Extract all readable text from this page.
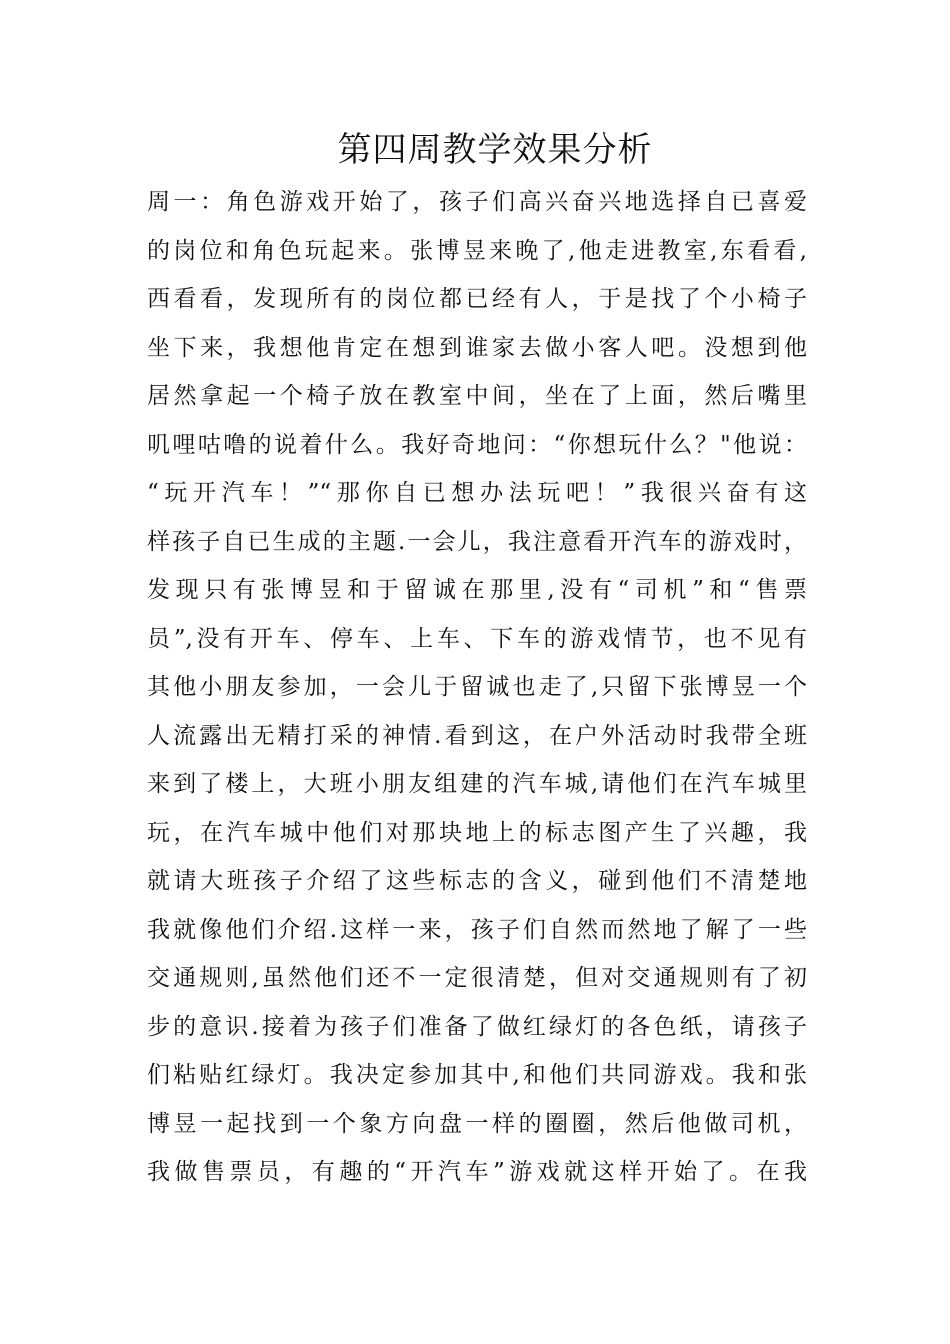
第四周教学效果分析
周一：角色游戏开始了，孩子们高兴奋兴地选择自已喜爱
的岗位和角色玩起来。张博昱来晚了,他走进教室,东看看,
西看看，发现所有的岗位都已经有人，于是找了个小椅子
坐下来，我想他肯定在想到谁家去做小客人吧。没想到他
居然拿起一个椅子放在教室中间，坐在了上面，然后嘴里
叽哩咕噜的说着什么。我好奇地问：“你想玩什么？"他说：
“玩开汽车！”“那你自已想办法玩吧！”我很兴奋有这
样孩子自已生成的主题.一会儿，我注意看开汽车的游戏时，
发现只有张博昱和于留诚在那里,没有“司机”和“售票
员”,没有开车、停车、上车、下车的游戏情节，也不见有
其他小朋友参加，一会儿于留诚也走了,只留下张博昱一个
人流露出无精打采的神情.看到这，在户外活动时我带全班
来到了楼上，大班小朋友组建的汽车城,请他们在汽车城里
玩，在汽车城中他们对那块地上的标志图产生了兴趣，我
就请大班孩子介绍了这些标志的含义，碰到他们不清楚地
我就像他们介绍.这样一来，孩子们自然而然地了解了一些
交通规则,虽然他们还不一定很清楚，但对交通规则有了初
步的意识.接着为孩子们准备了做红绿灯的各色纸，请孩子
们粘贴红绿灯。我决定参加其中,和他们共同游戏。我和张
博昱一起找到一个象方向盘一样的圈圈，然后他做司机，
我做售票员，有趣的“开汽车”游戏就这样开始了。在我
